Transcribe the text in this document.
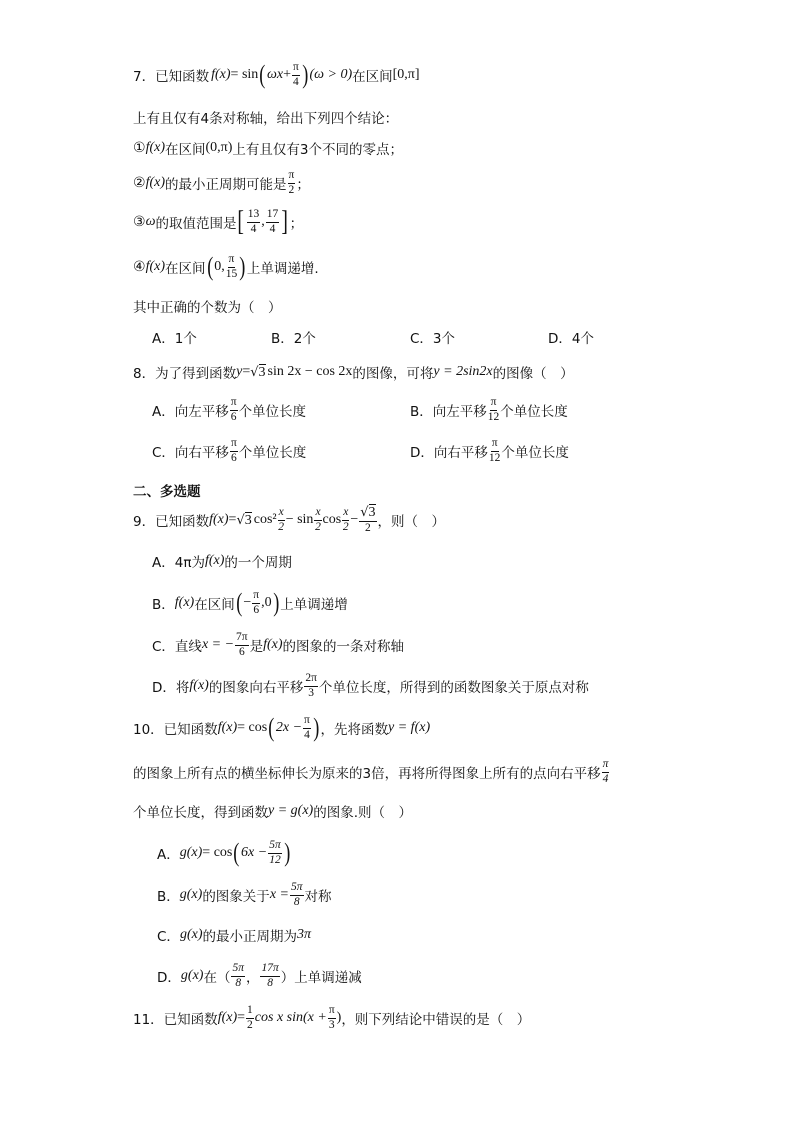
7．已知函数 f(x) = sin ( $\omega x + \frac{\pi}{4}$ ) (ω > 0) 在区间 [0,π]
上有且仅有4条对称轴，给出下列四个结论：
① f(x) 在区间 (0,π) 上有且仅有3个不同的零点；
② f(x) 的最小正周期可能是 $\frac{\pi}{2}$ ；
③ ω 的取值范围是 [ $\frac{13}{4}$ , $\frac{17}{4}$ ] ；
④ f(x) 在区间 ( 0, $\frac{\pi}{15}$ ) 上单调递增.
其中正确的个数为（　）
A．1个	B．2个	C．3个	D．4个
8．为了得到函数 y = √ 3 sin 2x − cos 2x 的图像，可将 y = 2sin2x 的图像（　）
A．向左平移 $\frac{\pi}{6}$ 个单位长度	B．向左平移 $\frac{\pi}{12}$ 个单位长度
C．向右平移 $\frac{\pi}{6}$ 个单位长度	D．向右平移 $\frac{\pi}{12}$ 个单位长度
二、多选题
9．已知函数 f(x) = √ 3 $\cos^2 \frac{x}{2} - \sin \frac{x}{2}$ $\cos \frac{x}{2} - \frac{√3}{2}$ ，则（　）
A．4π为 f(x) 的一个周期
B． f(x) 在区间 ( − $\frac{\pi}{6} ,0$ ) 上单调递增
C．直线 x = − $\frac{7\pi}{6}$ 是 f(x) 的图象的一条对称轴
D．将 f(x) 的图象向右平移 $\frac{2\pi}{3}$ 个单位长度，所得到的函数图象关于原点对称
10．已知函数 f(x) = cos ( $2x - \frac{\pi}{4}$ ) ，先将函数 y = f(x)
的图象上所有点的横坐标伸长为原来的3倍，再将所得图象上所有的点向右平移 $\frac{\pi}{4}$
个单位长度，得到函数 y = g(x) 的图象.则（　）
A． g(x) = cos ( $6x - \frac{5\pi}{12}$ )
B． g(x) 的图象关于 $x = \frac{5\pi}{8}$ 对称
C． g(x) 的最小正周期为 3π
D． g(x) 在（ $\frac{5\pi}{8}$ ， $\frac{17\pi}{8}$ ）上单调递减
11．已知函数 $f(x) = \frac{1}{2}$ cos x $\sin(x + \frac{\pi}{3}$ ) ，则下列结论中错误的是（　）
